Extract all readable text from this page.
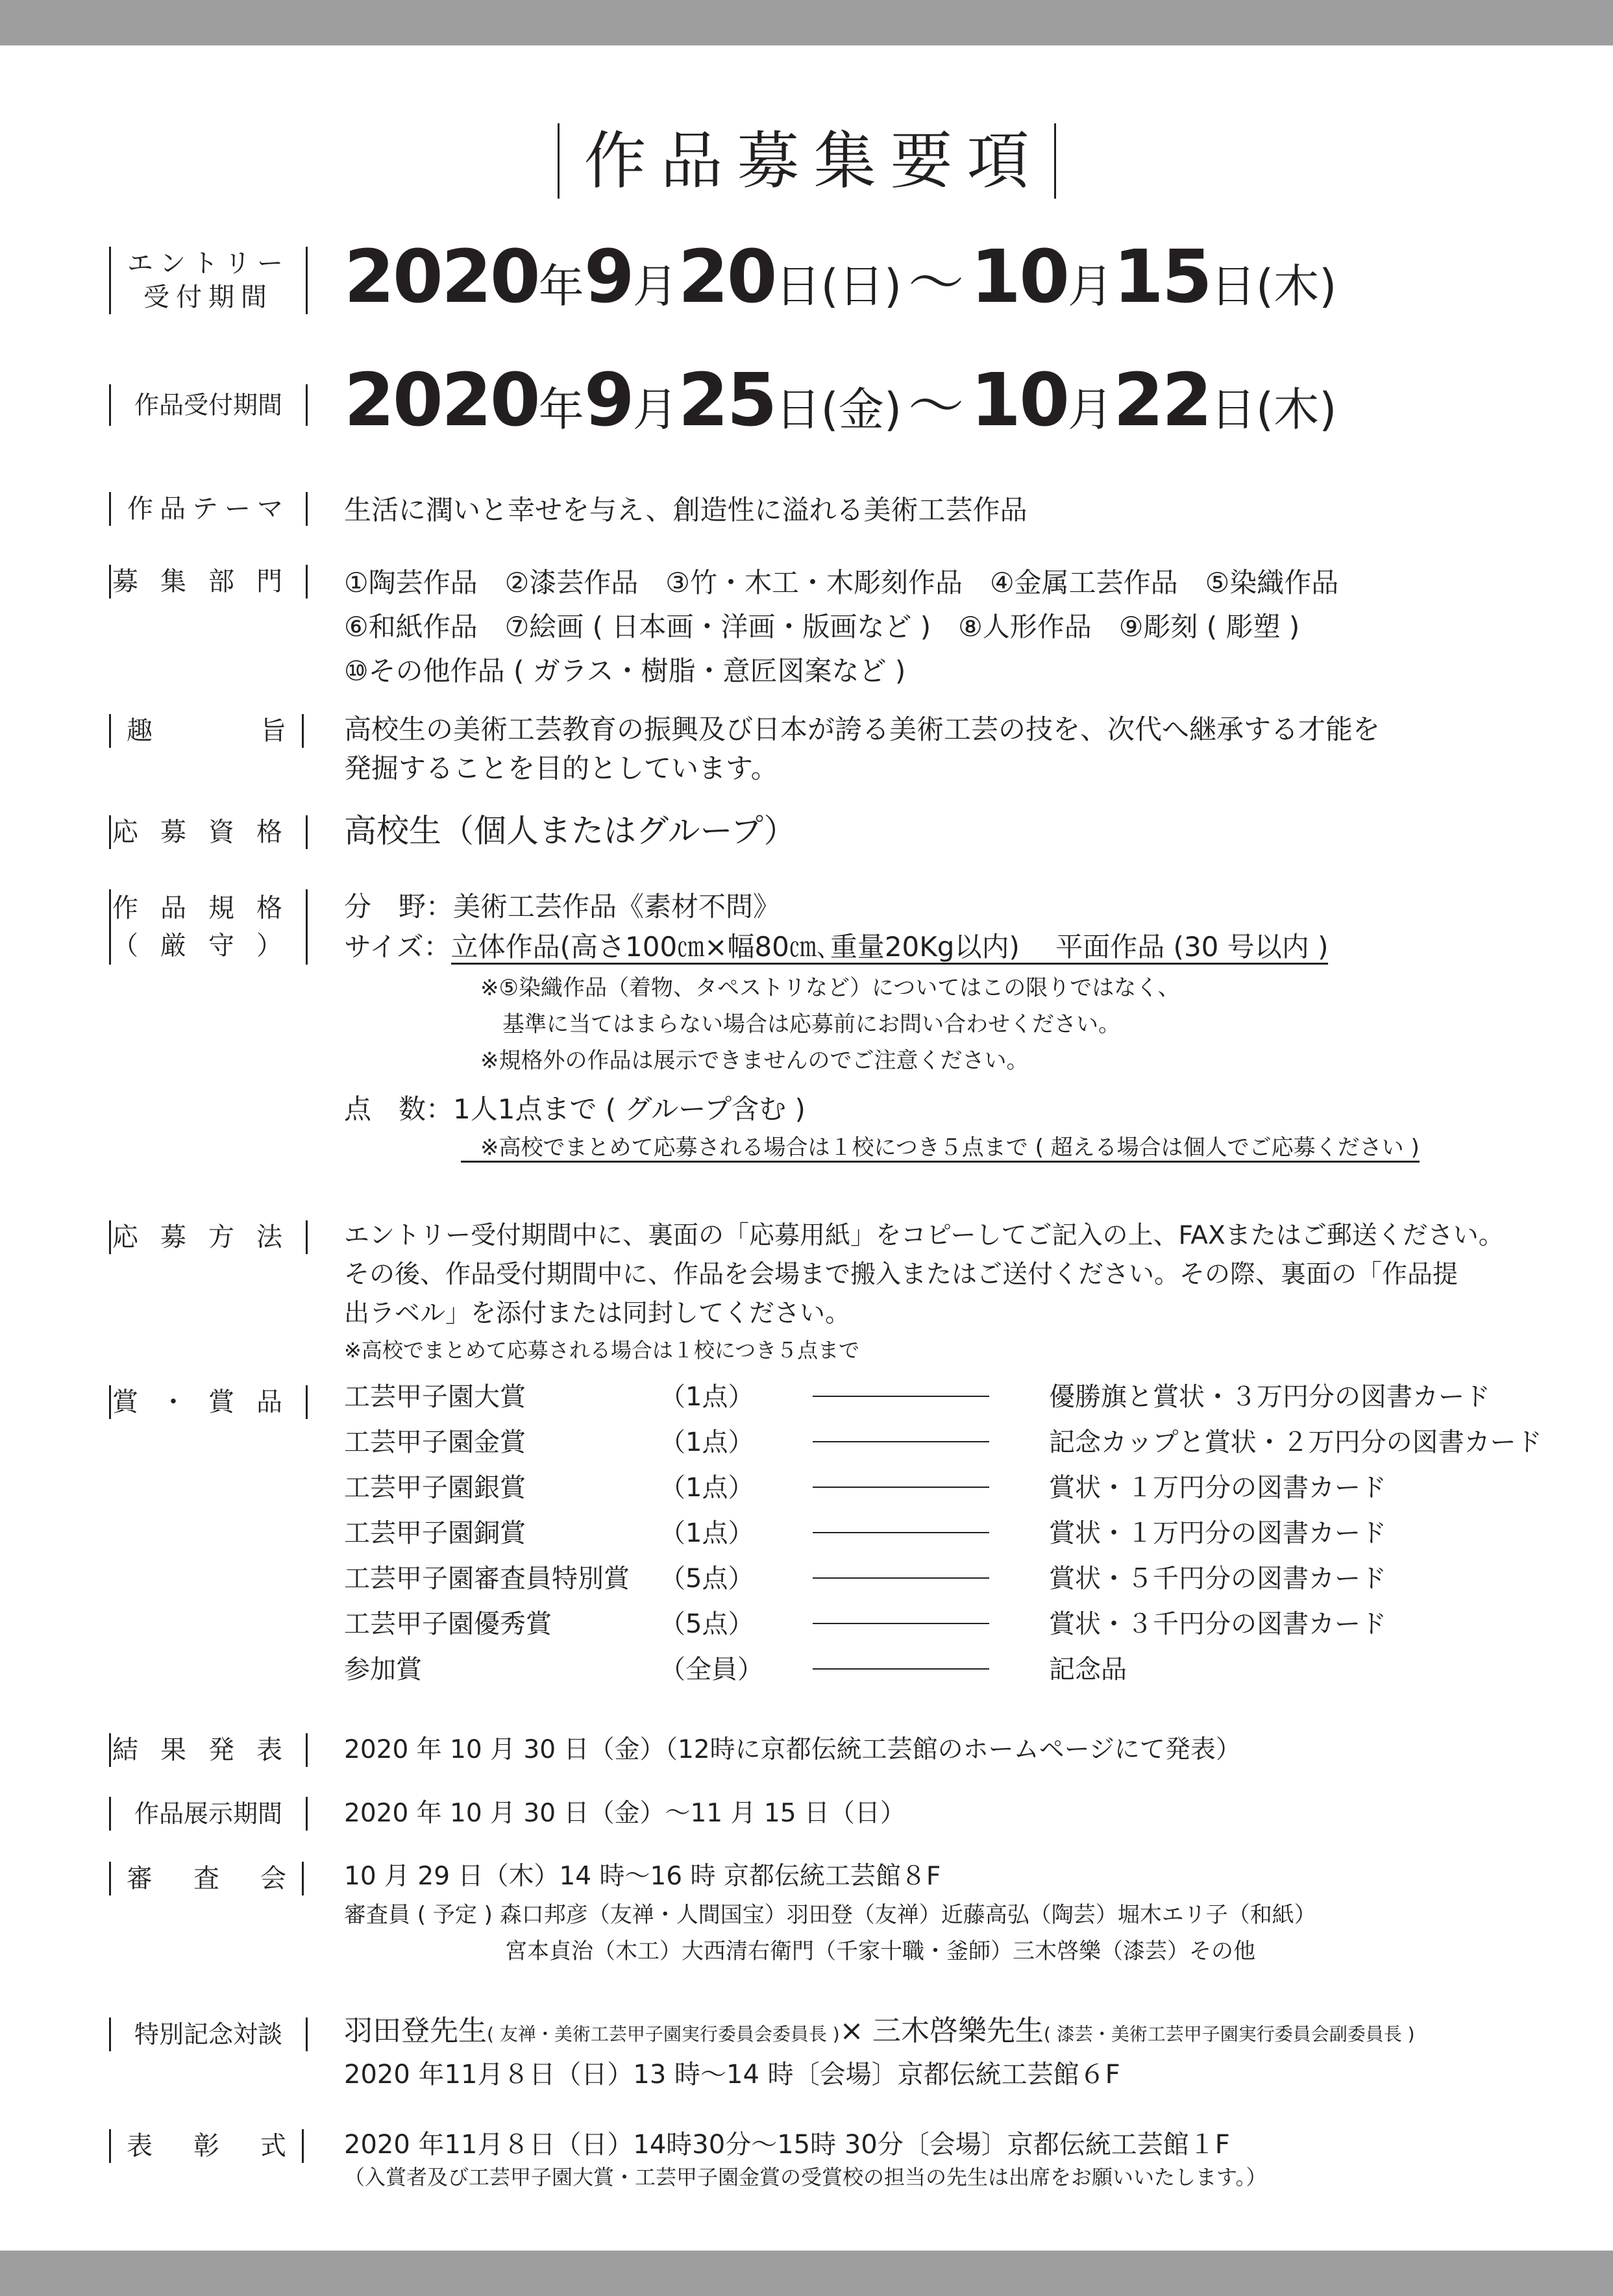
作品募集要項
エントリー
受付期間 2020 年 9 月 20 日 (日) 〜 10 月 15 日 (木)
作品受付期間 2020 年 9 月 25 日 (金) 〜 10 月 22 日 (木)
作品テーマ	生活に潤いと幸せを与え、創造性に溢れる美術工芸作品
募集部門 ①陶芸作品　②漆芸作品　③竹・木工・木彫刻作品　④金属工芸作品　⑤染織作品
⑥和紙作品　⑦絵画 ( 日本画・洋画・版画など )　⑧人形作品　⑨彫刻 ( 彫塑 )
⑩その他作品 ( ガラス・樹脂・意匠図案など )
趣	旨 高校生の美術工芸教育の振興及び日本が誇る美術工芸の技を、次代へ継承する才能を
発掘することを目的としています。
応募資格 高校生（個人またはグループ）
作品規格
（厳守）
分　野：美術工芸作品《素材不問》
サイズ：立体作品(高さ100㎝×幅80㎝､重量20Kg以内)　 平面作品 (30 号以内 )
※⑤染織作品（着物、タペストリなど）についてはこの限りではなく、
　基準に当てはまらない場合は応募前にお問い合わせください。
※規格外の作品は展示できませんのでご注意ください。
点　数：1人1点まで ( グループ含む )
※高校でまとめて応募される場合は１校につき５点まで ( 超える場合は個人でご応募ください )
応募方法 エントリー受付期間中に、裏面の「応募用紙」をコピーしてご記入の上、FAXまたはご郵送ください。
その後、作品受付期間中に、作品を会場まで搬入またはご送付ください。その際、裏面の「作品提
出ラベル」を添付または同封してください。
※高校でまとめて応募される場合は１校につき５点まで
賞・賞品 工芸甲子園大賞	（1点）	優勝旗と賞状・３万円分の図書カード
工芸甲子園金賞	（1点）	記念カップと賞状・２万円分の図書カード
工芸甲子園銀賞	（1点）	賞状・１万円分の図書カード
工芸甲子園銅賞	（1点）	賞状・１万円分の図書カード
工芸甲子園審査員特別賞 （5点）	賞状・５千円分の図書カード
工芸甲子園優秀賞	（5点）	賞状・３千円分の図書カード
参加賞	（全員）	記念品
結果発表 2020 年 10 月 30 日（金）（12時に京都伝統工芸館のホームページにて発表）
作品展示期間	2020 年 10 月 30 日（金）〜11 月 15 日（日）
審 査 会 10 月 29 日（木）14 時〜16 時 京都伝統工芸館８F
審査員 ( 予定 ) 森口邦彦（友禅・人間国宝）羽田登（友禅）近藤高弘（陶芸）堀木エリ子（和紙）
宮本貞治（木工）大西清右衛門（千家十職・釜師）三木啓樂（漆芸）その他
特別記念対談	羽田登先生( 友禅・美術工芸甲子園実行委員会委員長 )× 三木啓樂先生( 漆芸・美術工芸甲子園実行委員会副委員長 )
2020 年11月８日（日）13 時〜14 時〔会場〕京都伝統工芸館６F
表 彰 式 2020 年11月８日（日）14時30分〜15時 30分〔会場〕京都伝統工芸館１F
（入賞者及び工芸甲子園大賞・工芸甲子園金賞の受賞校の担当の先生は出席をお願いいたします。）
